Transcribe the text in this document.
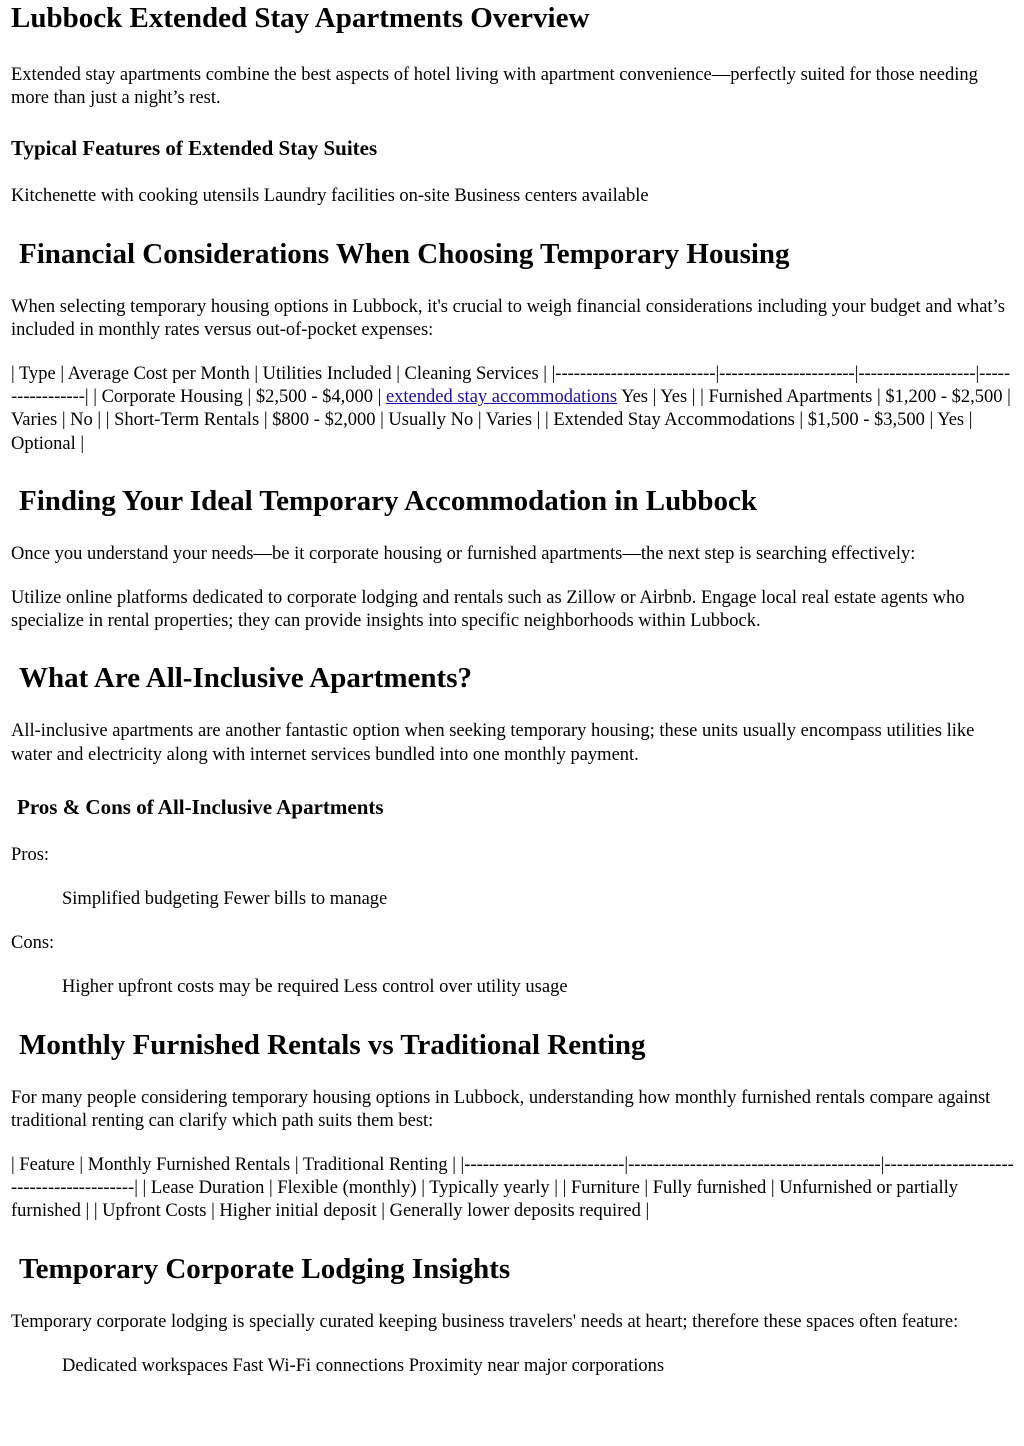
Lubbock Extended Stay Apartments Overview

Extended stay apartments combine the best aspects of hotel living with apartment convenience—perfectly suited for those needing more than just a night’s rest.

Typical Features of Extended Stay Suites

Kitchenette with cooking utensils Laundry facilities on-site Business centers available

Financial Considerations When Choosing Temporary Housing

When selecting temporary housing options in Lubbock, it's crucial to weigh financial considerations including your budget and what’s included in monthly rates versus out-of-pocket expenses:

| Type | Average Cost per Month | Utilities Included | Cleaning Services | |--------------------------|----------------------|-------------------|-----------------| | Corporate Housing | $2,500 - $4,000 | extended stay accommodations Yes | Yes | | Furnished Apartments | $1,200 - $2,500 | Varies | No | | Short-Term Rentals | $800 - $2,000 | Usually No | Varies | | Extended Stay Accommodations | $1,500 - $3,500 | Yes | Optional |

Finding Your Ideal Temporary Accommodation in Lubbock

Once you understand your needs—be it corporate housing or furnished apartments—the next step is searching effectively:

Utilize online platforms dedicated to corporate lodging and rentals such as Zillow or Airbnb. Engage local real estate agents who specialize in rental properties; they can provide insights into specific neighborhoods within Lubbock.

What Are All-Inclusive Apartments?

All-inclusive apartments are another fantastic option when seeking temporary housing; these units usually encompass utilities like water and electricity along with internet services bundled into one monthly payment.

Pros & Cons of All-Inclusive Apartments

Pros:

Simplified budgeting Fewer bills to manage

Cons:

Higher upfront costs may be required Less control over utility usage

Monthly Furnished Rentals vs Traditional Renting

For many people considering temporary housing options in Lubbock, understanding how monthly furnished rentals compare against traditional renting can clarify which path suits them best:

| Feature | Monthly Furnished Rentals | Traditional Renting | |--------------------------|-----------------------------------------|-----------------------------------------| | Lease Duration | Flexible (monthly) | Typically yearly | | Furniture | Fully furnished | Unfurnished or partially furnished | | Upfront Costs | Higher initial deposit | Generally lower deposits required |

Temporary Corporate Lodging Insights

Temporary corporate lodging is specially curated keeping business travelers' needs at heart; therefore these spaces often feature:

Dedicated workspaces Fast Wi-Fi connections Proximity near major corporations
